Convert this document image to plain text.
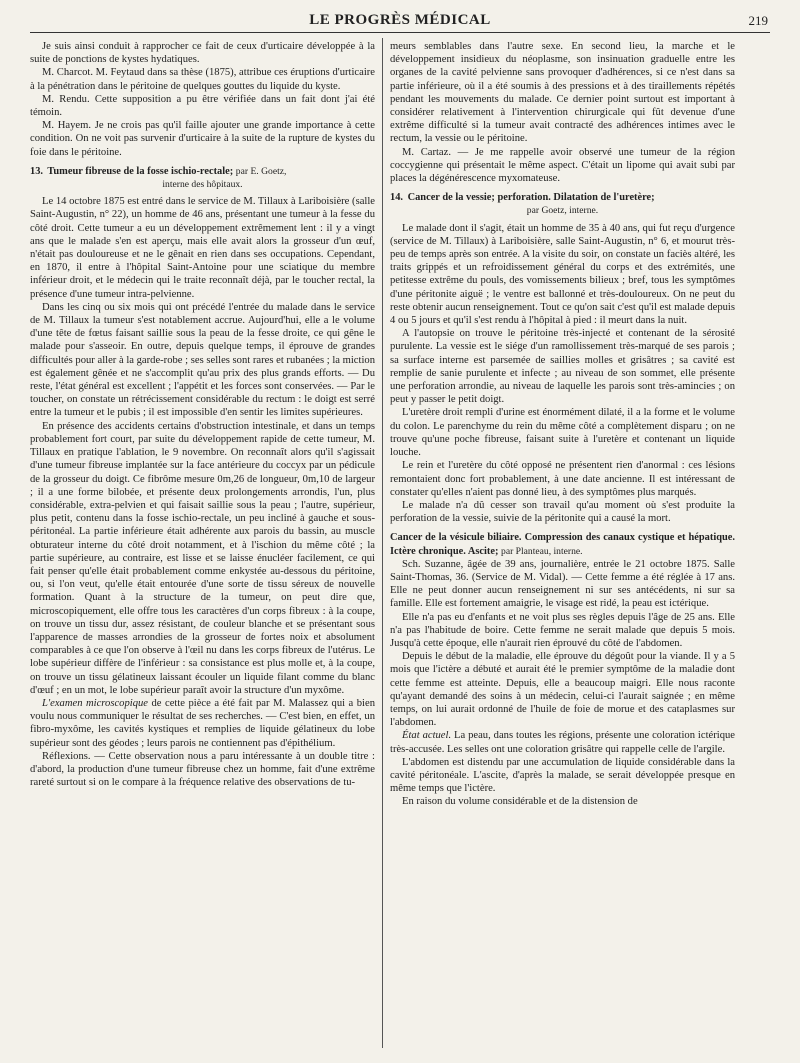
LE PROGRÈS MÉDICAL	219

Je suis ainsi conduit à rapprocher ce fait de ceux d'urticaire développée à la suite de ponctions de kystes hydatiques.

M. Charcot. M. Feytaud dans sa thèse (1875), attribue ces éruptions d'urticaire à la pénétration dans le péritoine de quelques gouttes du liquide du kyste.

M. Rendu. Cette supposition a pu être vérifiée dans un fait dont j'ai été témoin.

M. Hayem. Je ne crois pas qu'il faille ajouter une grande importance à cette condition. On ne voit pas survenir d'urticaire à la suite de la rupture de kystes du foie dans le péritoine.

13. Tumeur fibreuse de la fosse ischio-rectale; par E. Goetz,

interne des hôpitaux.

Le 14 octobre 1875 est entré dans le service de M. Tillaux à Lariboisière (salle Saint-Augustin, n° 22), un homme de 46 ans, présentant une tumeur à la fesse du côté droit. Cette tumeur a eu un développement extrêmement lent : il y a vingt ans que le malade s'en est aperçu, mais elle avait alors la grosseur d'un œuf, n'était pas douloureuse et ne le gênait en rien dans ses occupations. Cependant, en 1870, il entre à l'hôpital Saint-Antoine pour une sciatique du membre inférieur droit, et le médecin qui le traite reconnaît déjà, par le toucher rectal, la présence d'une tumeur intra-pelvienne.

Dans les cinq ou six mois qui ont précédé l'entrée du malade dans le service de M. Tillaux la tumeur s'est notablement accrue. Aujourd'hui, elle a le volume d'une tête de fœtus faisant saillie sous la peau de la fesse droite, ce qui gêne le malade pour s'asseoir. En outre, depuis quelque temps, il éprouve de grandes difficultés pour aller à la garde-robe ; ses selles sont rares et rubanées ; la miction est également gênée et ne s'accomplit qu'au prix des plus grands efforts. — Du reste, l'état général est excellent ; l'appétit et les forces sont conservées. — Par le toucher, on constate un rétrécissement considérable du rectum : le doigt est serré entre la tumeur et le pubis ; il est impossible d'en sentir les limites supérieures.

En présence des accidents certains d'obstruction intestinale, et dans un temps probablement fort court, par suite du développement rapide de cette tumeur, M. Tillaux en pratique l'ablation, le 9 novembre. On reconnaît alors qu'il s'agissait d'une tumeur fibreuse implantée sur la face antérieure du coccyx par un pédicule de la grosseur du doigt. Ce fibrôme mesure 0m,26 de longueur, 0m,10 de largeur ; il a une forme bilobée, et présente deux prolongements arrondis, l'un, plus considérable, extra-pelvien et qui faisait saillie sous la peau ; l'autre, supérieur, plus petit, contenu dans la fosse ischio-rectale, un peu incliné à gauche et sous-péritonéal. La partie inférieure était adhérente aux parois du bassin, au muscle obturateur interne du côté droit notamment, et à l'ischion du même côté ; la partie supérieure, au contraire, est lisse et se laisse énucléer facilement, ce qui fait penser qu'elle était probablement comme enkystée au-dessous du péritoine, ou, si l'on veut, qu'elle était entourée d'une sorte de tissu séreux de nouvelle formation. Quant à la structure de la tumeur, on peut dire que, microscopiquement, elle offre tous les caractères d'un corps fibreux : à la coupe, on trouve un tissu dur, assez résistant, de couleur blanche et se présentant sous l'apparence de masses arrondies de la grosseur de fortes noix et absolument comparables à ce que l'on observe à l'œil nu dans les corps fibreux de l'utérus. Le lobe supérieur diffère de l'inférieur : sa consistance est plus molle et, à la coupe, on trouve un tissu gélatineux laissant écouler un liquide filant comme du blanc d'œuf ; en un mot, le lobe supérieur paraît avoir la structure d'un myxôme.

L'examen microscopique de cette pièce a été fait par M. Malassez qui a bien voulu nous communiquer le résultat de ses recherches. — C'est bien, en effet, un fibro-myxôme, les cavités kystiques et remplies de liquide gélatineux du lobe supérieur sont des géodes ; leurs parois ne contiennent pas d'épithélium.

Réflexions. — Cette observation nous a paru intéressante à un double titre : d'abord, la production d'une tumeur fibreuse chez un homme, fait d'une extrême rareté surtout si on le compare à la fréquence relative des observations de tu-

meurs semblables dans l'autre sexe. En second lieu, la marche et le développement insidieux du néoplasme, son insinuation graduelle entre les organes de la cavité pelvienne sans provoquer d'adhérences, si ce n'est dans sa partie inférieure, où il a été soumis à des pressions et à des tiraillements répétés pendant les mouvements du malade. Ce dernier point surtout est important à considérer relativement à l'intervention chirurgicale qui fût devenue d'une extrême difficulté si la tumeur avait contracté des adhérences intimes avec le rectum, la vessie ou le péritoine.

M. Cartaz. — Je me rappelle avoir observé une tumeur de la région coccygienne qui présentait le même aspect. C'était un lipome qui avait subi par places la dégénérescence myxomateuse.

14. Cancer de la vessie; perforation. Dilatation de l'uretère;

par Goetz, interne.

Le malade dont il s'agit, était un homme de 35 à 40 ans, qui fut reçu d'urgence (service de M. Tillaux) à Lariboisière, salle Saint-Augustin, n° 6, et mourut très-peu de temps après son entrée. A la visite du soir, on constate un faciès altéré, les traits grippés et un refroidissement général du corps et des extrémités, une petitesse extrême du pouls, des vomissements bilieux ; bref, tous les symptômes d'une péritonite aiguë ; le ventre est ballonné et très-douloureux. On ne peut du reste obtenir aucun renseignement. Tout ce qu'on sait c'est qu'il est malade depuis 4 ou 5 jours et qu'il s'est rendu à l'hôpital à pied : il meurt dans la nuit.

A l'autopsie on trouve le péritoine très-injecté et contenant de la sérosité purulente. La vessie est le siége d'un ramollissement très-marqué de ses parois ; sa surface interne est parsemée de saillies molles et grisâtres ; sa cavité est remplie de sanie purulente et infecte ; au niveau de son sommet, elle présente une perforation arrondie, au niveau de laquelle les parois sont très-amincies ; on peut y passer le petit doigt.

L'uretère droit rempli d'urine est énormément dilaté, il a la forme et le volume du colon. Le parenchyme du rein du même côté a complètement disparu ; on ne trouve qu'une poche fibreuse, faisant suite à l'uretère et contenant un liquide louche.

Le rein et l'uretère du côté opposé ne présentent rien d'anormal : ces lésions remontaient donc fort probablement, à une date ancienne. Il est intéressant de constater qu'elles n'aient pas donné lieu, à des symptômes plus marqués.

Le malade n'a dû cesser son travail qu'au moment où s'est produite la perforation de la vessie, suivie de la péritonite qui a causé la mort.

Cancer de la vésicule biliaire. Compression des canaux cystique et hépatique. Ictère chronique. Ascite; par Planteau, interne.

Sch. Suzanne, âgée de 39 ans, journalière, entrée le 21 octobre 1875. Salle Saint-Thomas, 36. (Service de M. Vidal). — Cette femme a été réglée à 17 ans. Elle ne peut donner aucun renseignement ni sur ses antécédents, ni sur sa famille. Elle est fortement amaigrie, le visage est ridé, la peau est ictérique.

Elle n'a pas eu d'enfants et ne voit plus ses règles depuis l'âge de 25 ans. Elle n'a pas l'habitude de boire. Cette femme ne serait malade que depuis 5 mois. Jusqu'à cette époque, elle n'aurait rien éprouvé du côté de l'abdomen.

Depuis le début de la maladie, elle éprouve du dégoût pour la viande. Il y a 5 mois que l'ictère a débuté et aurait été le premier symptôme de la maladie dont cette femme est atteinte. Depuis, elle a beaucoup maigri. Elle nous raconte qu'ayant demandé des soins à un médecin, celui-ci l'aurait saignée ; en même temps, on lui aurait ordonné de l'huile de foie de morue et des cataplasmes sur l'abdomen.

État actuel. La peau, dans toutes les régions, présente une coloration ictérique très-accusée. Les selles ont une coloration grisâtre qui rappelle celle de l'argile.

L'abdomen est distendu par une accumulation de liquide considérable dans la cavité péritonéale. L'ascite, d'après la malade, se serait développée presque en même temps que l'ictère.

En raison du volume considérable et de la distension de
